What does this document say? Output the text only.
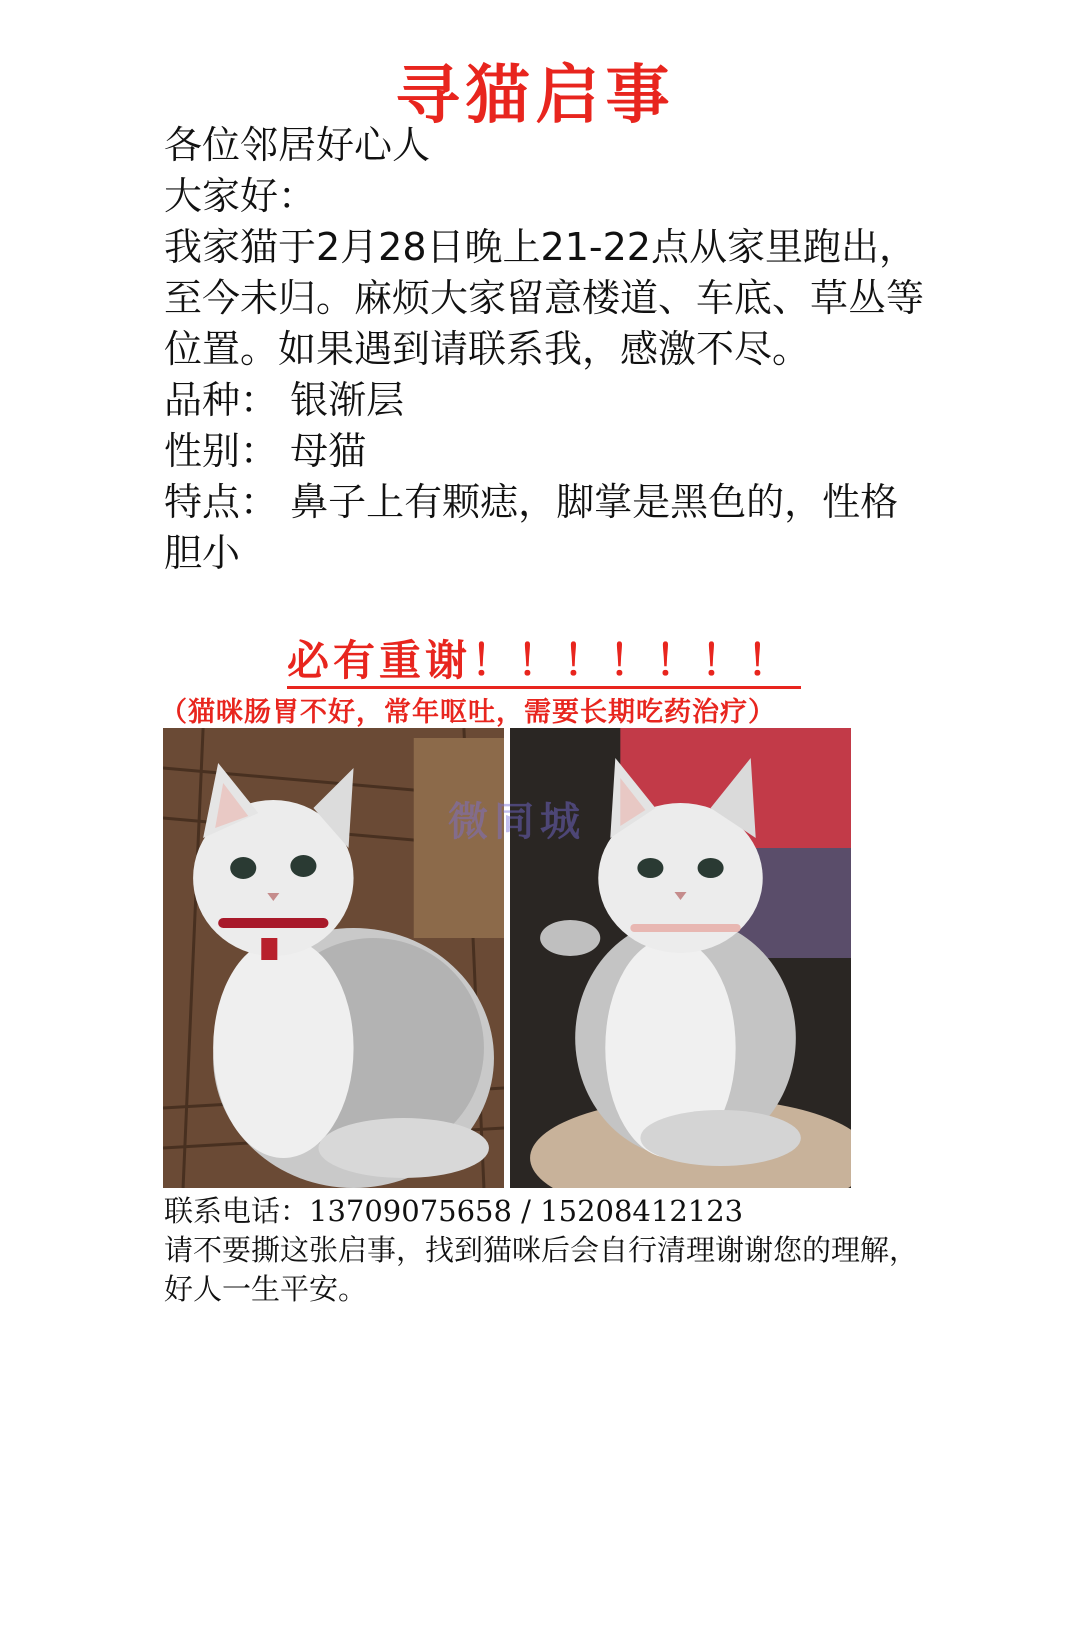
寻猫启事

各位邻居好心人

大家好：

我家猫于2月28日晚上21-22点从家里跑出，至今未归。麻烦大家留意楼道、车底、草丛等位置。如果遇到请联系我，感激不尽。

品种： 银渐层

性别： 母猫

特点： 鼻子上有颗痣，脚掌是黑色的，性格胆小

必有重谢！！！！！！！
（猫咪肠胃不好，常年呕吐，需要长期吃药治疗）
微同城

联系电话：13709075658 / 15208412123

请不要撕这张启事，找到猫咪后会自行清理谢谢您的理解，好人一生平安。
